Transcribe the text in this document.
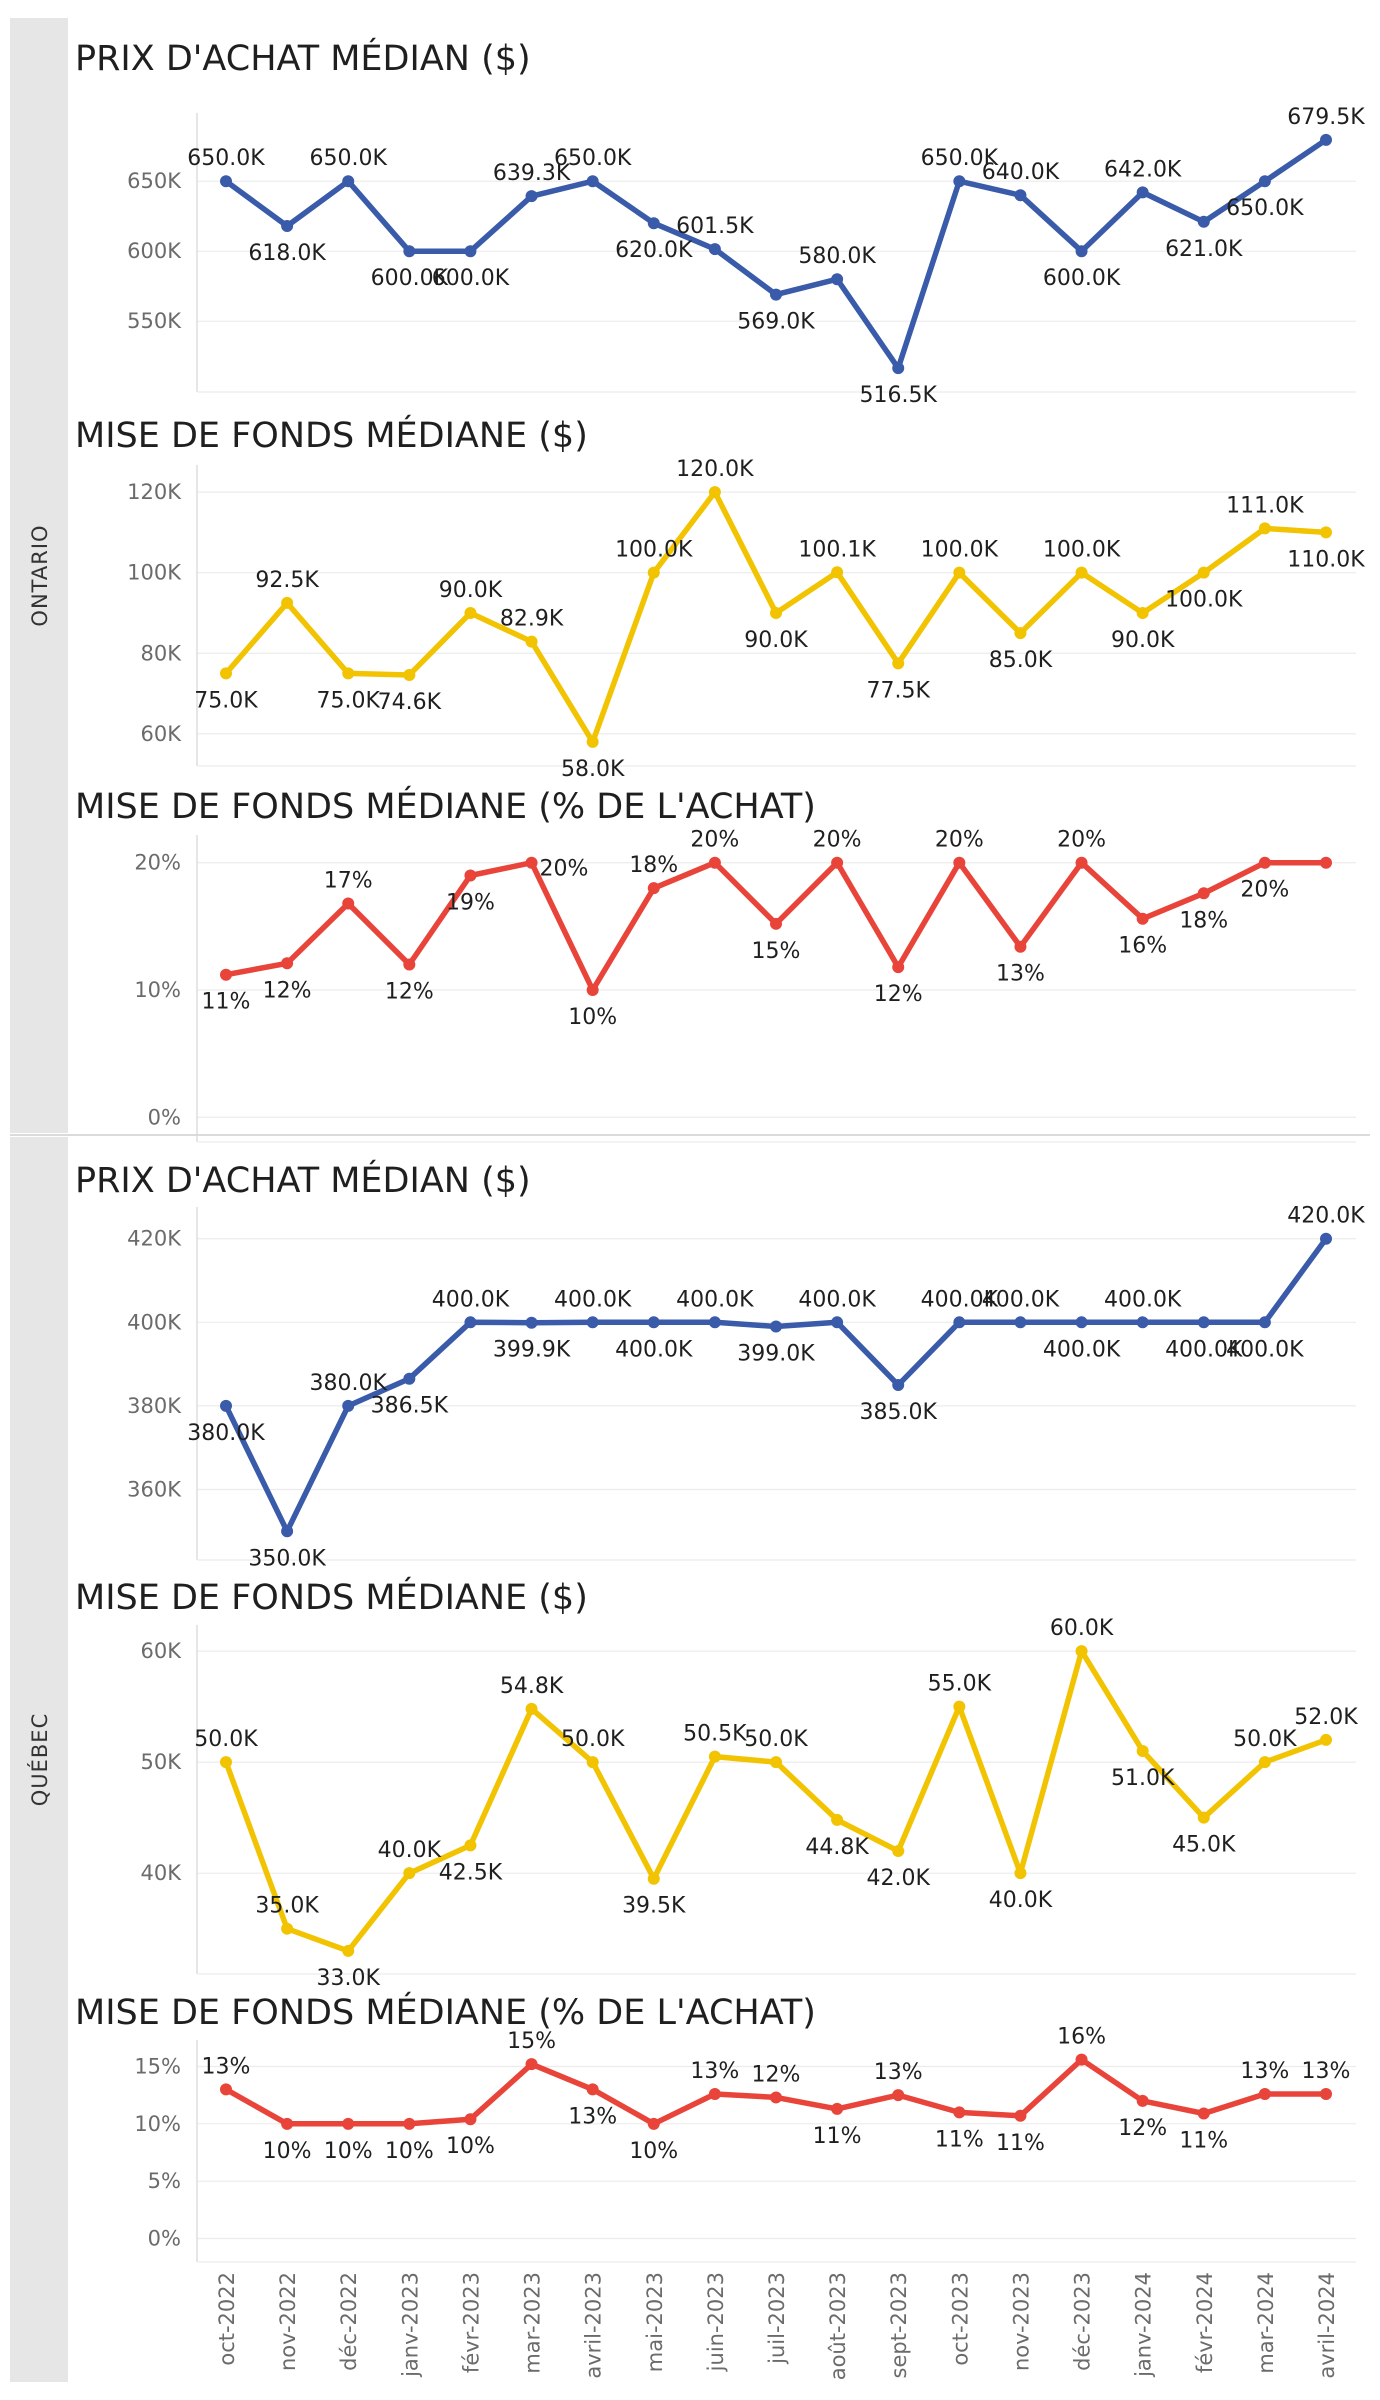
ONTARIO
QUÉBEC
PRIX D'ACHAT MÉDIAN ($)
550K
600K
650K
650.0K
618.0K
650.0K
600.0K
600.0K
639.3K
650.0K
620.0K
601.5K
569.0K
580.0K
516.5K
650.0K
640.0K
600.0K
642.0K
621.0K
650.0K
679.5K
MISE DE FONDS MÉDIANE ($)
60K
80K
100K
120K
75.0K
92.5K
75.0K
74.6K
90.0K
82.9K
58.0K
100.0K
120.0K
90.0K
100.1K
77.5K
100.0K
85.0K
100.0K
90.0K
100.0K
111.0K
110.0K
MISE DE FONDS MÉDIANE (% DE L'ACHAT)
0%
10%
20%
11% 12%
17%
12%
19%
20%
10%
18%
20%
15%
20%
12%
20%
13%
20%
16%
18%
20%
PRIX D'ACHAT MÉDIAN ($)
360K
380K
400K
420K
380.0K
350.0K
380.0K
386.5K
400.0K
399.9K
400.0K
400.0K
400.0K
399.0K
400.0K
385.0K
400.0K
400.0K
400.0K
400.0K
400.0K
400.0K
420.0K
MISE DE FONDS MÉDIANE ($)
40K
50K
60K
50.0K
35.0K
33.0K
40.0K
42.5K
54.8K
50.0K
39.5K
50.5K
50.0K
44.8K
42.0K
55.0K
40.0K
60.0K
51.0K
45.0K
50.0K
52.0K
MISE DE FONDS MÉDIANE (% DE L'ACHAT)
0%
5%
10%
15% 13%
10% 10% 10% 10%
15%
13%
10%
13% 12%
11%
13%
11% 11%
16%
12%
11%
13% 13%
oct-2022 nov-2022 déc-2022 janv-2023 févr-2023 mar-2023 avril-2023 mai-2023 juin-2023 juil-2023 août-2023 sept-2023 oct-2023 nov-2023 déc-2023 janv-2024 févr-2024 mar-2024 avril-2024
